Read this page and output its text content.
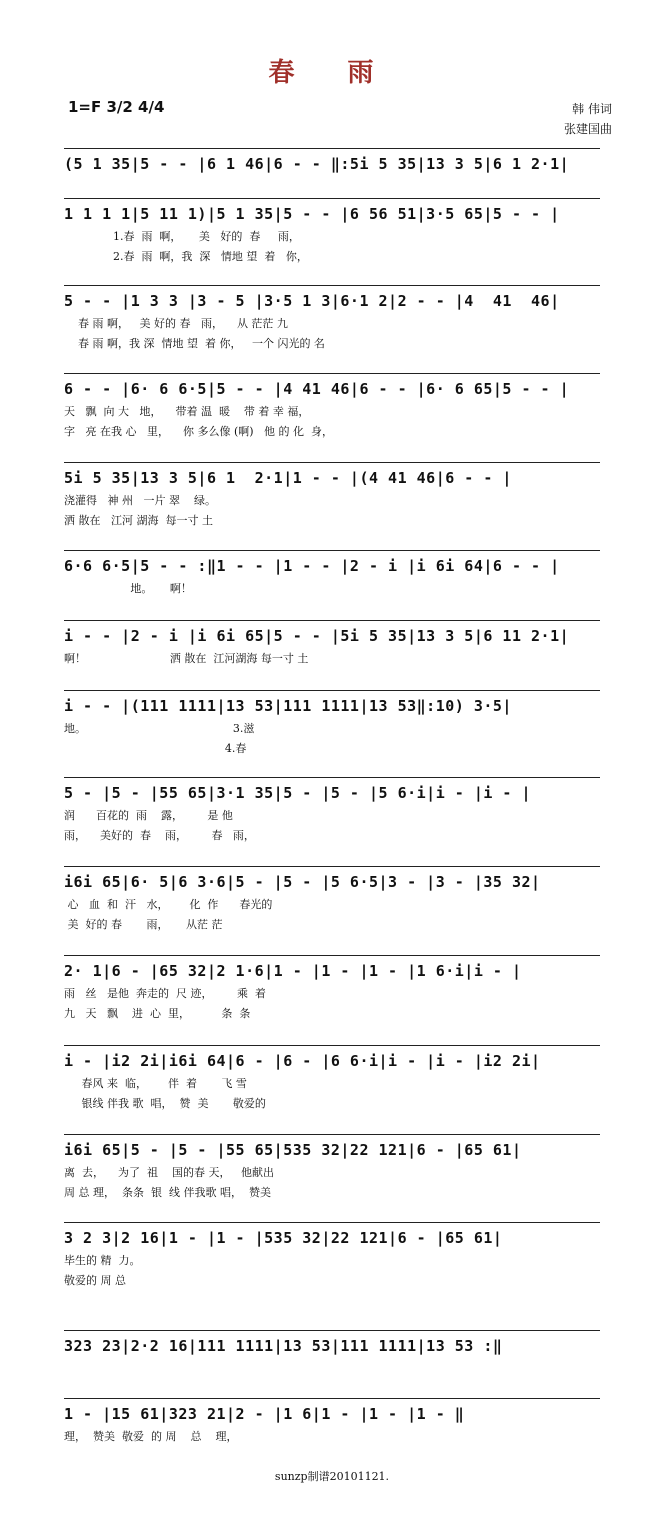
春 雨
1=F 3/2 4/4	韩 伟词
张建国曲
(5 1 35|5 - - |6 1 46|6 - - ‖:5i 5 35|13 3 5|6 1 2·1|
1 1 1 1|5 11 1)|5 1 35|5 - - |6 56 51|3·5 65|5 - - |
1.春  雨  啊，     美   好的  春     雨，
2.春  雨  啊，我  深   情地 望  着   你，
5 - - |1 3 3 |3 - 5 |3·5 1 3|6·1 2|2 - - |4  41  46|
春 雨 啊，   美 好的 春   雨，    从 茫茫 九
春 雨 啊，我 深  情地 望  着 你，   一个 闪光的 名
6 - - |6· 6 6·5|5 - - |4 41 46|6 - - |6· 6 65|5 - - |
天   飘  向 大   地，    带着 温  暖    带 着 幸 福，
字   亮 在我 心   里，    你 多么像 (啊)   他 的 化  身，
5i 5 35|13 3 5|6 1  2·1|1 - - |(4 41 46|6 - - |
浇灌得   神 州   一片 翠    绿。
洒 散在   江河 湖海  每一寸 土
6·6 6·5|5 - - :‖1 - - |1 - - |2 - i |i 6i 64|6 - - |
地。     啊！
i - - |2 - i |i 6i 65|5 - - |5i 5 35|13 3 5|6 11 2·1|
啊！                        洒 散在  江河湖海 每一寸 土
i - - |(111 1111|13 53|111 1111|13 53‖:10) 3·5|
地。                                          3.滋
4.春
5 - |5 - |55 65|3·1 35|5 - |5 - |5 6·i|i - |i - |
润      百花的  雨    露，       是 他
雨，    美好的  春    雨，       春   雨，
i6i 65|6· 5|6 3·6|5 - |5 - |5 6·5|3 - |3 - |35 32|
心   血  和  汗   水，      化  作      春光的
美  好的 春       雨，     从茫 茫
2· 1|6 - |65 32|2 1·6|1 - |1 - |1 - |1 6·i|i - |
雨   丝   是他  奔走的  尺 迹，       乘  着
九   天   飘    进  心  里，         条  条
i - |i2 2i|i6i 64|6 - |6 - |6 6·i|i - |i - |i2 2i|
春风 来  临，      伴  着       飞 雪
银线 伴我 歌  唱，  赞  美       敬爱的
i6i 65|5 - |5 - |55 65|535 32|22 121|6 - |65 61|
离  去，    为了  祖    国的春 天，   他献出
周 总 理，  条条  银  线 伴我歌 唱，  赞美
3 2 3|2 16|1 - |1 - |535 32|22 121|6 - |65 61|
毕生的 精  力。
敬爱的 周 总
323 23|2·2 16|111 1111|13 53|111 1111|13 53 :‖
1 - |15 61|323 21|2 - |1 6|1 - |1 - |1 - ‖
理，  赞美  敬爱  的 周    总    理，
sunzp制谱20101121.
